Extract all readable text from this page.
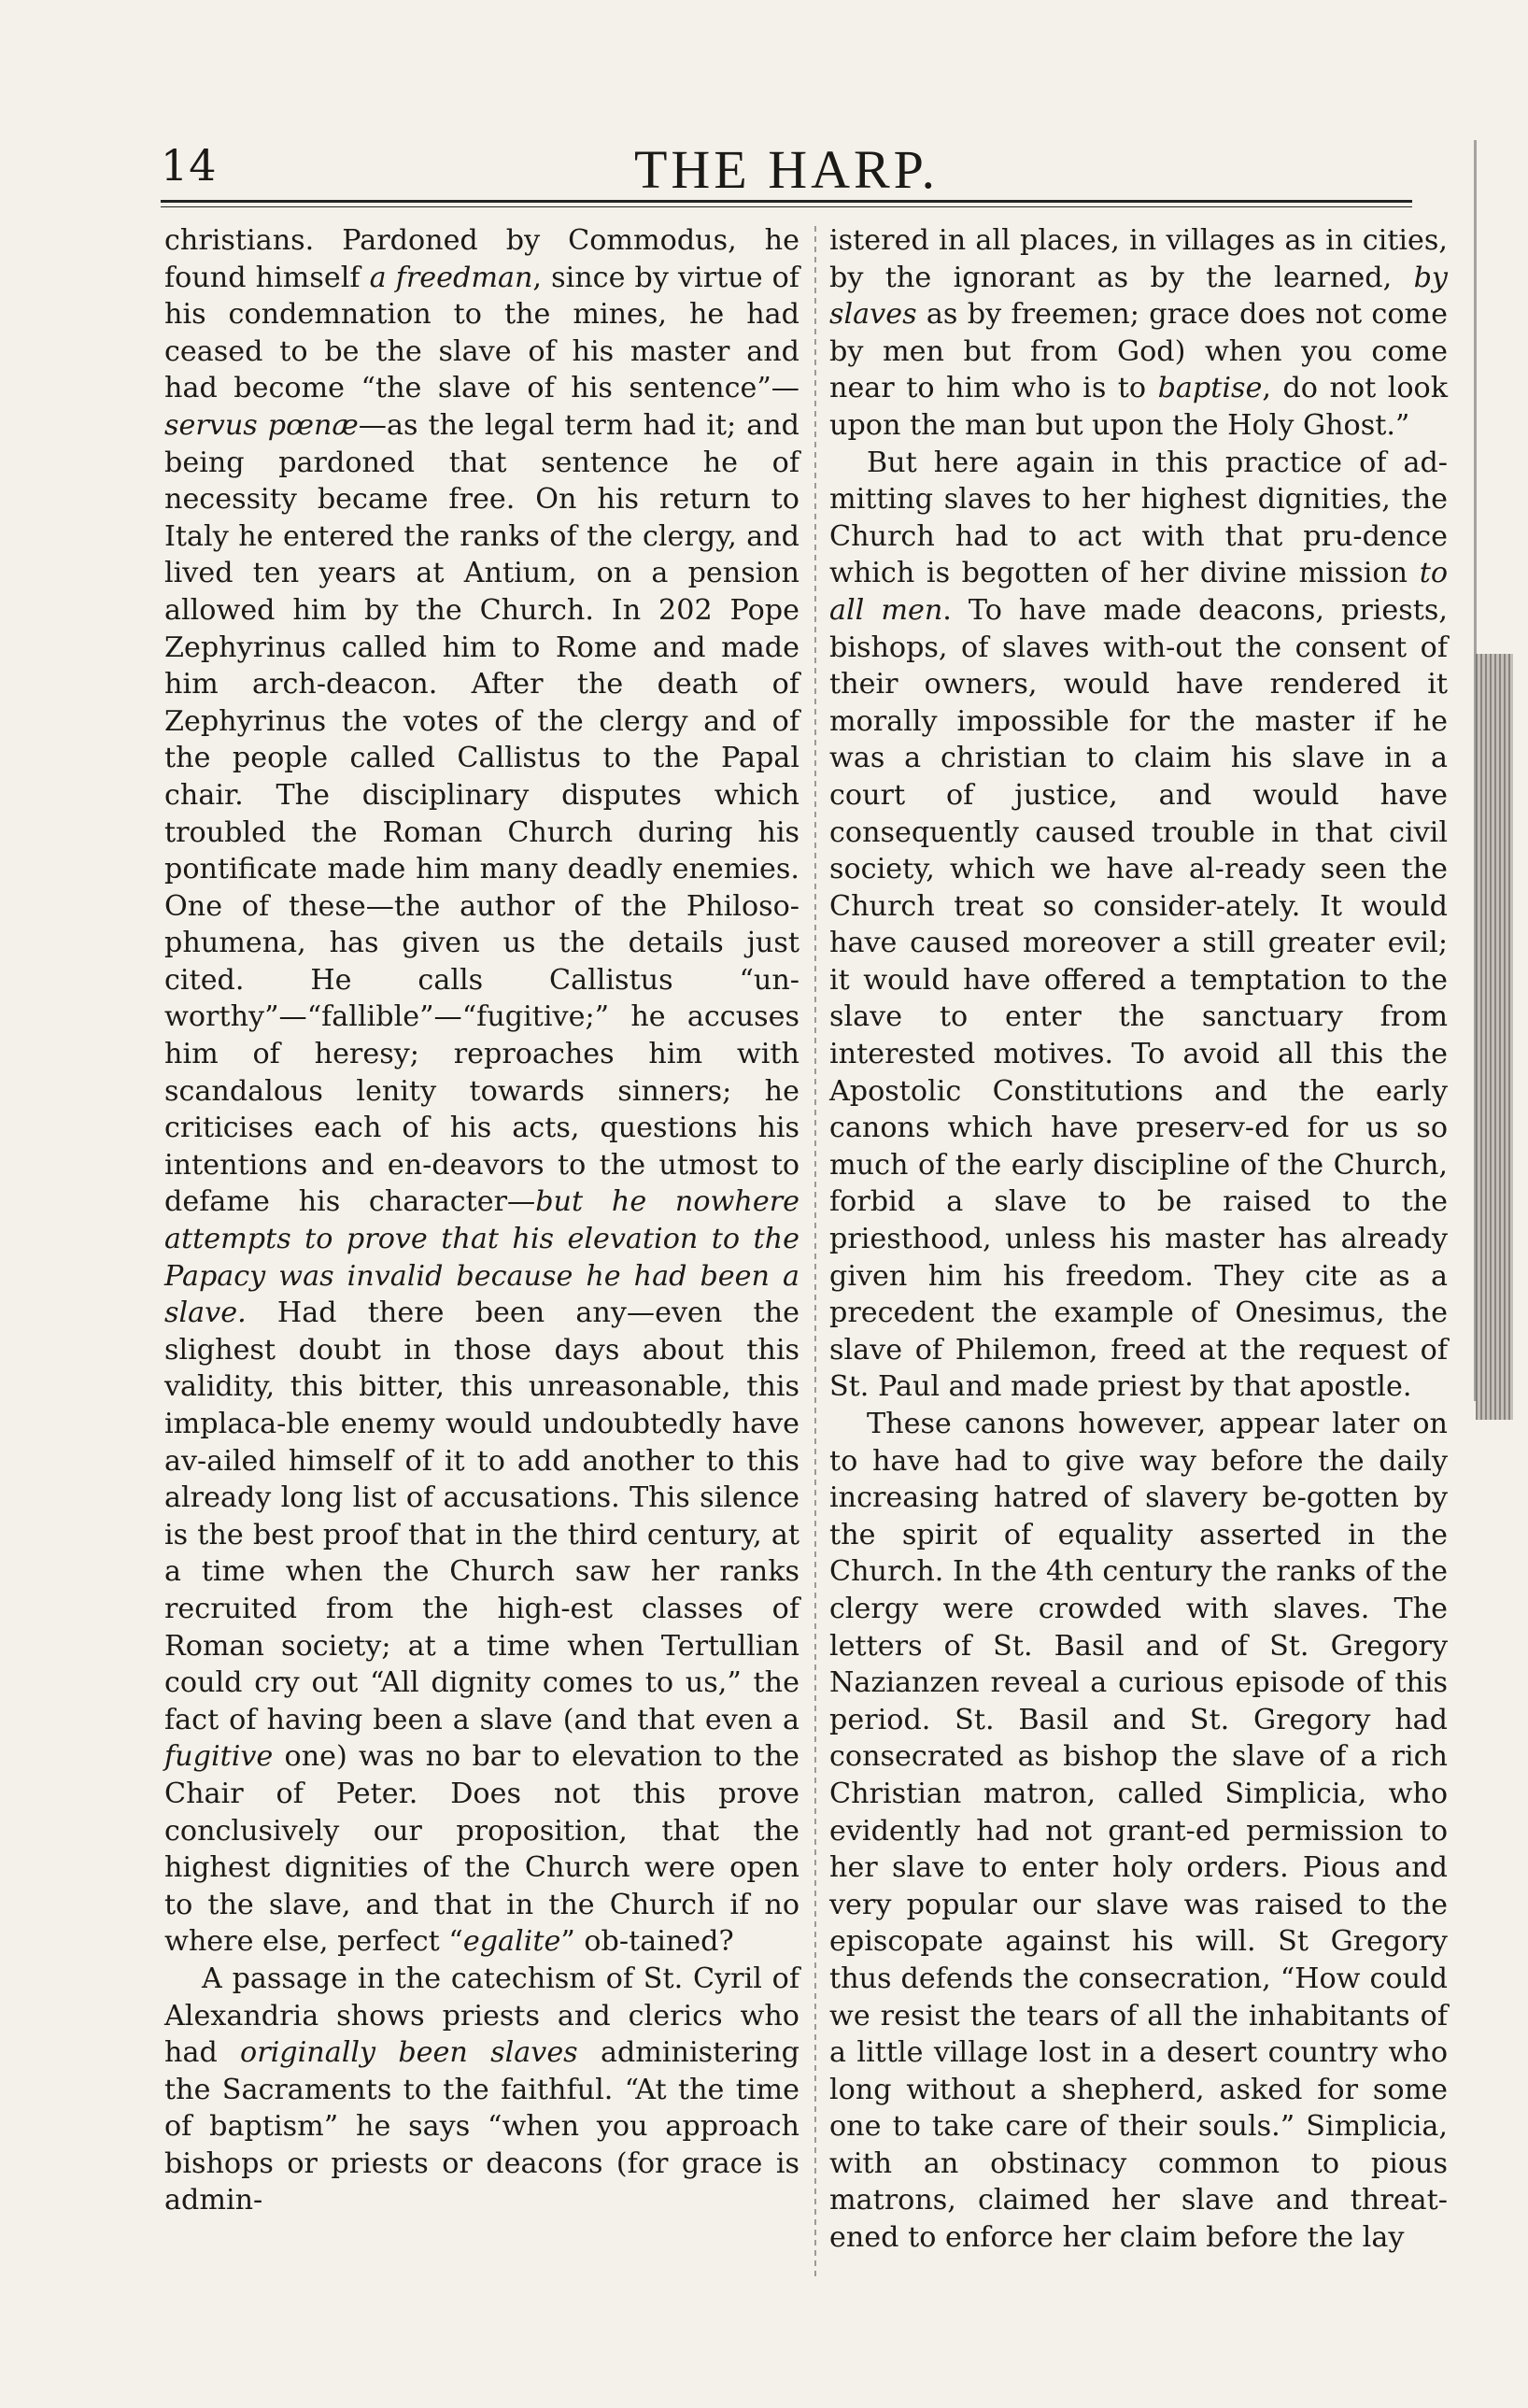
14	THE HARP.

christians. Pardoned by Commodus, he found himself a freedman, since by virtue of his condemnation to the mines, he had ceased to be the slave of his master and had become “the slave of his sentence”—servus pœnæ—as the legal term had it; and being pardoned that sentence he of necessity became free. On his return to Italy he entered the ranks of the clergy, and lived ten years at Antium, on a pension allowed him by the Church. In 202 Pope Zephyrinus called him to Rome and made him arch-deacon. After the death of Zephyrinus the votes of the clergy and of the people called Callistus to the Papal chair. The disciplinary disputes which troubled the Roman Church during his pontificate made him many deadly enemies. One of these—the author of the Philoso-phumena, has given us the details just cited. He calls Callistus “un-worthy”—“fallible”—“fugitive;” he accuses him of heresy; reproaches him with scandalous lenity towards sinners; he criticises each of his acts, questions his intentions and en-deavors to the utmost to defame his character—but he nowhere attempts to prove that his elevation to the Papacy was invalid because he had been a slave. Had there been any—even the slighest doubt in those days about this validity, this bitter, this unreasonable, this implaca-ble enemy would undoubtedly have av-ailed himself of it to add another to this already long list of accusations. This silence is the best proof that in the third century, at a time when the Church saw her ranks recruited from the high-est classes of Roman society; at a time when Tertullian could cry out “All dignity comes to us,” the fact of having been a slave (and that even a fugitive one) was no bar to elevation to the Chair of Peter. Does not this prove conclusively our proposition, that the highest dignities of the Church were open to the slave, and that in the Church if no where else, perfect “egalite” ob-tained?

A passage in the catechism of St. Cyril of Alexandria shows priests and clerics who had originally been slaves administering the Sacraments to the faithful. “At the time of baptism” he says “when you approach bishops or priests or deacons (for grace is admin-

istered in all places, in villages as in cities, by the ignorant as by the learned, by slaves as by freemen; grace does not come by men but from God) when you come near to him who is to baptise, do not look upon the man but upon the Holy Ghost.”

But here again in this practice of ad-mitting slaves to her highest dignities, the Church had to act with that pru-dence which is begotten of her divine mission to all men. To have made deacons, priests, bishops, of slaves with-out the consent of their owners, would have rendered it morally impossible for the master if he was a christian to claim his slave in a court of justice, and would have consequently caused trouble in that civil society, which we have al-ready seen the Church treat so consider-ately. It would have caused moreover a still greater evil; it would have offered a temptation to the slave to enter the sanctuary from interested motives. To avoid all this the Apostolic Constitutions and the early canons which have preserv-ed for us so much of the early discipline of the Church, forbid a slave to be raised to the priesthood, unless his master has already given him his freedom. They cite as a precedent the example of Onesimus, the slave of Philemon, freed at the request of St. Paul and made priest by that apostle.

These canons however, appear later on to have had to give way before the daily increasing hatred of slavery be-gotten by the spirit of equality asserted in the Church. In the 4th century the ranks of the clergy were crowded with slaves. The letters of St. Basil and of St. Gregory Nazianzen reveal a curious episode of this period. St. Basil and St. Gregory had consecrated as bishop the slave of a rich Christian matron, called Simplicia, who evidently had not grant-ed permission to her slave to enter holy orders. Pious and very popular our slave was raised to the episcopate against his will. St Gregory thus defends the consecration, “How could we resist the tears of all the inhabitants of a little village lost in a desert country who long without a shepherd, asked for some one to take care of their souls.” Simplicia, with an obstinacy common to pious matrons, claimed her slave and threat-ened to enforce her claim before the lay
